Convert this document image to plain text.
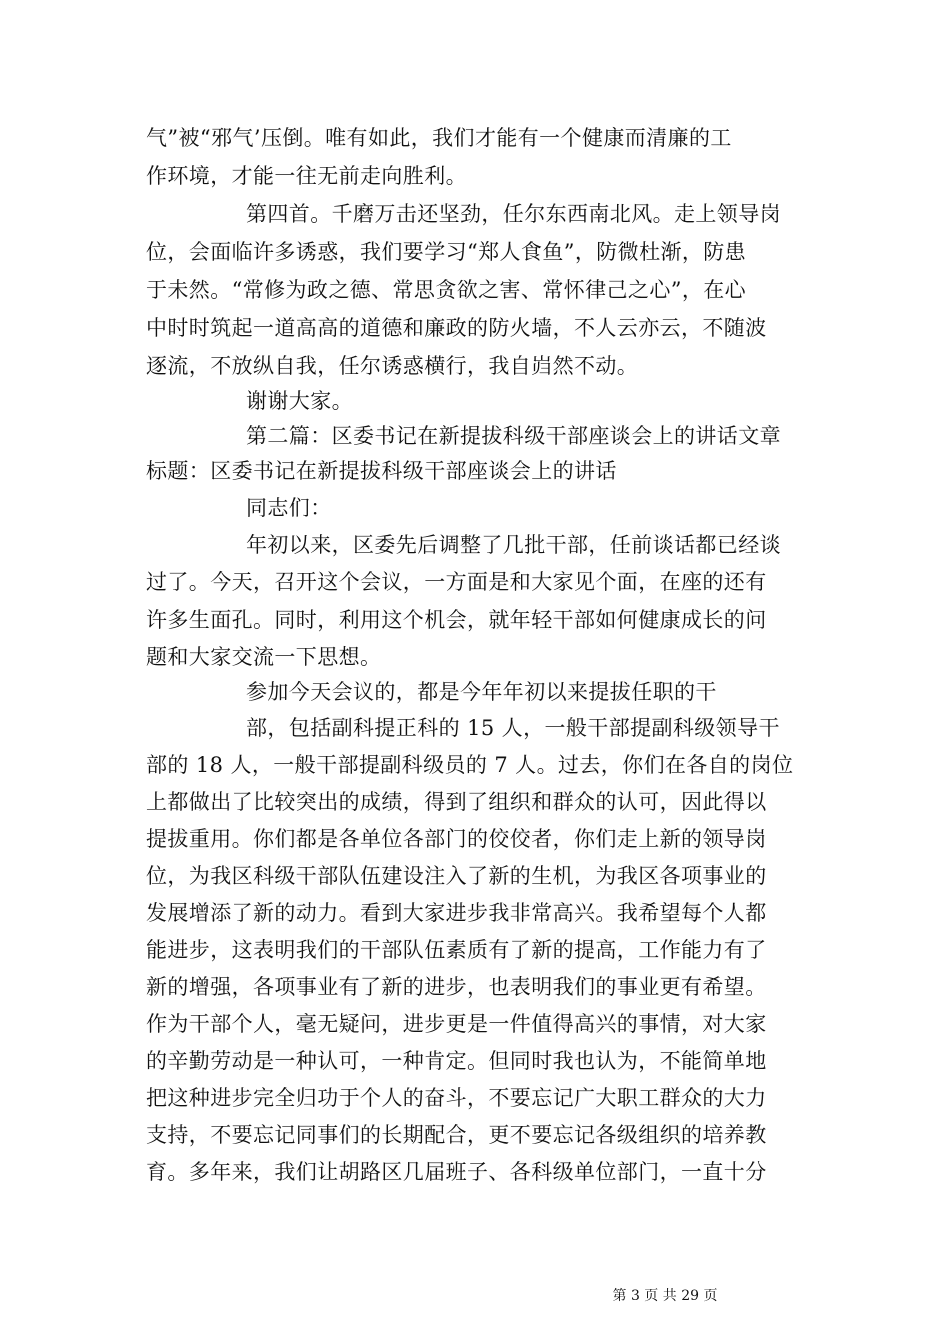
气”被“邪气’压倒。唯有如此，我们才能有一个健康而清廉的工
作环境，才能一往无前走向胜利。
第四首。千磨万击还坚劲，任尔东西南北风。走上领导岗
位，会面临许多诱惑，我们要学习“郑人食鱼”，防微杜渐，防患
于未然。“常修为政之德、常思贪欲之害、常怀律己之心”，在心
中时时筑起一道高高的道德和廉政的防火墙，不人云亦云，不随波
逐流，不放纵自我，任尔诱惑横行，我自岿然不动。
谢谢大家。
第二篇：区委书记在新提拔科级干部座谈会上的讲话文章
标题：区委书记在新提拔科级干部座谈会上的讲话
同志们：
年初以来，区委先后调整了几批干部，任前谈话都已经谈
过了。今天，召开这个会议，一方面是和大家见个面，在座的还有
许多生面孔。同时，利用这个机会，就年轻干部如何健康成长的问
题和大家交流一下思想。
参加今天会议的，都是今年年初以来提拔任职的干
部，包括副科提正科的 15 人，一般干部提副科级领导干
部的 18 人，一般干部提副科级员的 7 人。过去，你们在各自的岗位
上都做出了比较突出的成绩，得到了组织和群众的认可，因此得以
提拔重用。你们都是各单位各部门的佼佼者，你们走上新的领导岗
位，为我区科级干部队伍建设注入了新的生机，为我区各项事业的
发展增添了新的动力。看到大家进步我非常高兴。我希望每个人都
能进步，这表明我们的干部队伍素质有了新的提高，工作能力有了
新的增强，各项事业有了新的进步，也表明我们的事业更有希望。
作为干部个人，毫无疑问，进步更是一件值得高兴的事情，对大家
的辛勤劳动是一种认可，一种肯定。但同时我也认为，不能简单地
把这种进步完全归功于个人的奋斗，不要忘记广大职工群众的大力
支持，不要忘记同事们的长期配合，更不要忘记各级组织的培养教
育。多年来，我们让胡路区几届班子、各科级单位部门，一直十分
第 3 页 共 29 页
